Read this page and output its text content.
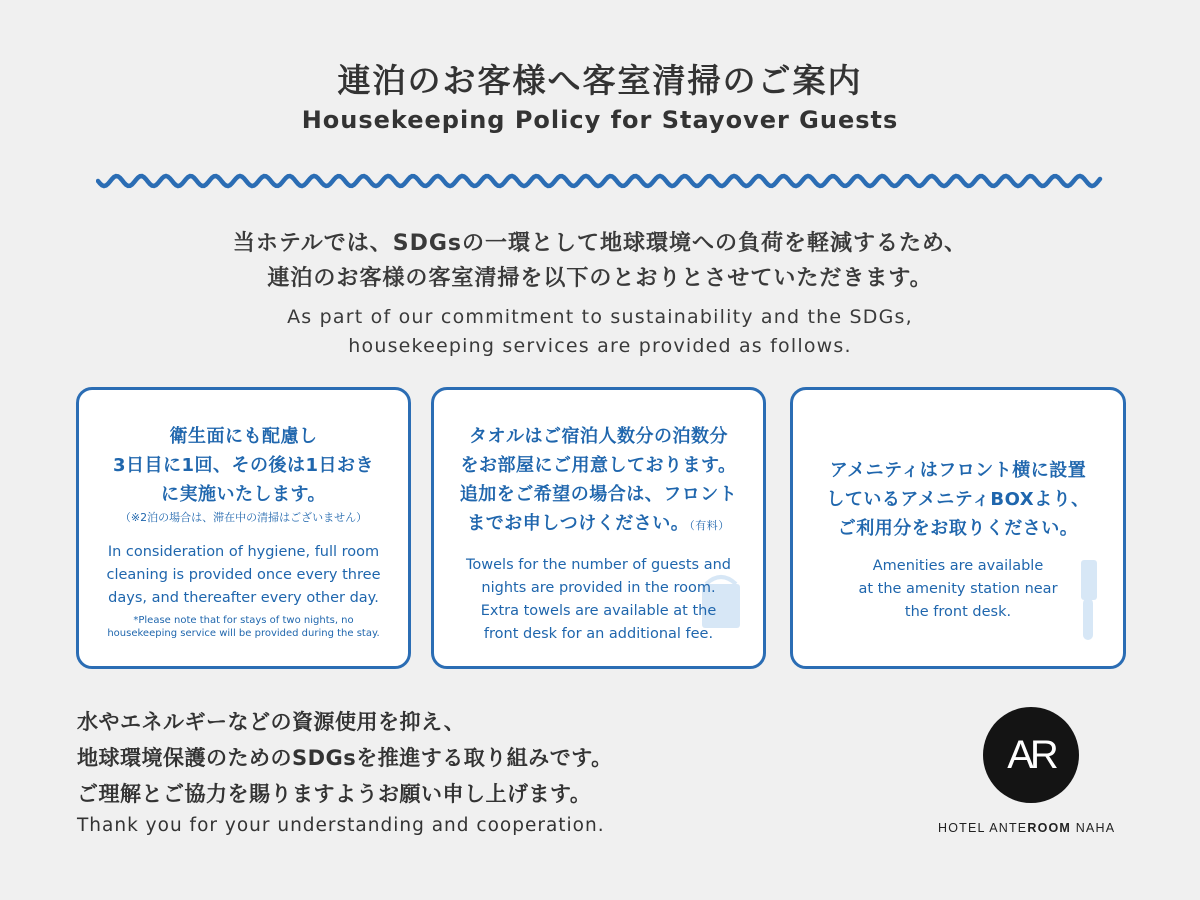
連泊のお客様へ客室清掃のご案内
Housekeeping Policy for Stayover Guests
当ホテルでは、SDGsの一環として地球環境への負荷を軽減するため、
連泊のお客様の客室清掃を以下のとおりとさせていただきます。
As part of our commitment to sustainability and the SDGs,
housekeeping services are provided as follows.
衛生面にも配慮し
3日目に1回、その後は1日おき
に実施いたします。
（※2泊の場合は、滞在中の清掃はございません）
In consideration of hygiene, full room
cleaning is provided once every three
days, and thereafter every other day.
*Please note that for stays of two nights, no
housekeeping service will be provided during the stay.
タオルはご宿泊人数分の泊数分
をお部屋にご用意しております。
追加をご希望の場合は、フロント
までお申しつけください。（有料）
Towels for the number of guests and
nights are provided in the room.
Extra towels are available at the
front desk for an additional fee.
アメニティはフロント横に設置
しているアメニティBOXより、
ご利用分をお取りください。
Amenities are available
at the amenity station near
the front desk.
水やエネルギーなどの資源使用を抑え、
地球環境保護のためのSDGsを推進する取り組みです。
ご理解とご協力を賜りますようお願い申し上げます。
Thank you for your understanding and cooperation.
AR
HOTEL ANTEROOM NAHA
